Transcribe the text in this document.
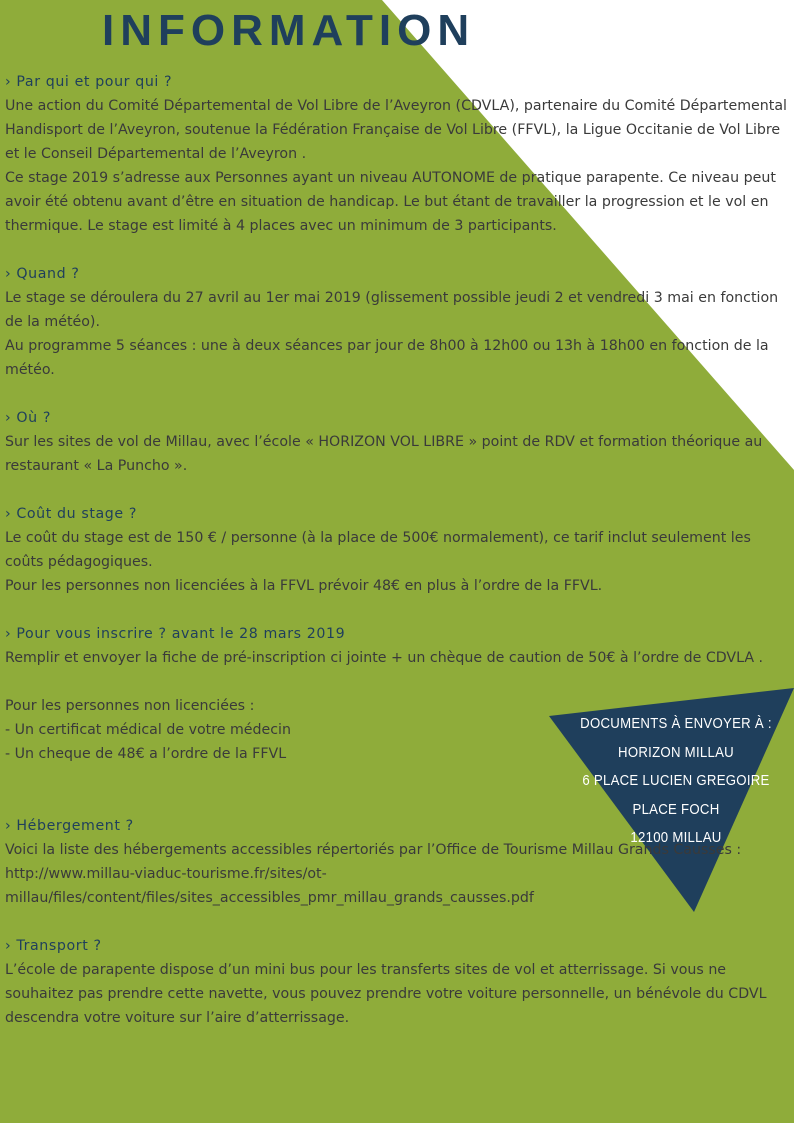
INFORMATION
› Par qui et pour qui ?

Une action du Comité Départemental de Vol Libre de l’Aveyron (CDVLA), partenaire du Comité Départemental Handisport de l’Aveyron, soutenue la Fédération Française de Vol Libre (FFVL), la Ligue Occitanie de Vol Libre et le Conseil Départemental de l’Aveyron .

Ce stage 2019 s’adresse aux Personnes ayant un niveau AUTONOME de pratique parapente. Ce niveau peut avoir été obtenu avant d’être en situation de handicap. Le but étant de travailler la progression et le vol en thermique. Le stage est limité à 4 places avec un minimum de 3 participants.

› Quand ?

Le stage se déroulera du 27 avril au 1er mai 2019 (glissement possible jeudi 2 et vendredi 3 mai en fonction de la météo).

Au programme 5 séances : une à deux séances par jour de 8h00 à 12h00 ou 13h à 18h00 en fonction de la météo.

› Où ?

Sur les sites de vol de Millau, avec l’école « HORIZON VOL LIBRE » point de RDV et formation théorique au restaurant « La Puncho ».

› Coût du stage ?

Le coût du stage est de 150 € / personne (à la place de 500€ normalement), ce tarif inclut seulement les coûts pédagogiques.

Pour les personnes non licenciées à la FFVL prévoir 48€ en plus à l’ordre de la FFVL.

› Pour vous inscrire ? avant le 28 mars 2019

Remplir et envoyer la fiche de pré-inscription ci jointe + un chèque de caution de 50€ à l’ordre de CDVLA .

Pour les personnes non licenciées :

- Un certificat médical de votre médecin

- Un cheque de 48€ a l’ordre de la FFVL

› Hébergement ?

Voici la liste des hébergements accessibles répertoriés par l’Office de Tourisme Millau Grands Causses :

http://www.millau-viaduc-tourisme.fr/sites/ot-

millau/files/content/files/sites_accessibles_pmr_millau_grands_causses.pdf

› Transport ?

L’école de parapente dispose d’un mini bus pour les transferts sites de vol et atterrissage. Si vous ne souhaitez pas prendre cette navette, vous pouvez prendre votre voiture personnelle, un bénévole du CDVL descendra votre voiture sur l’aire d’atterrissage.

DOCUMENTS À ENVOYER À :
HORIZON MILLAU
6 PLACE LUCIEN GREGOIRE
PLACE FOCH
12100 MILLAU
